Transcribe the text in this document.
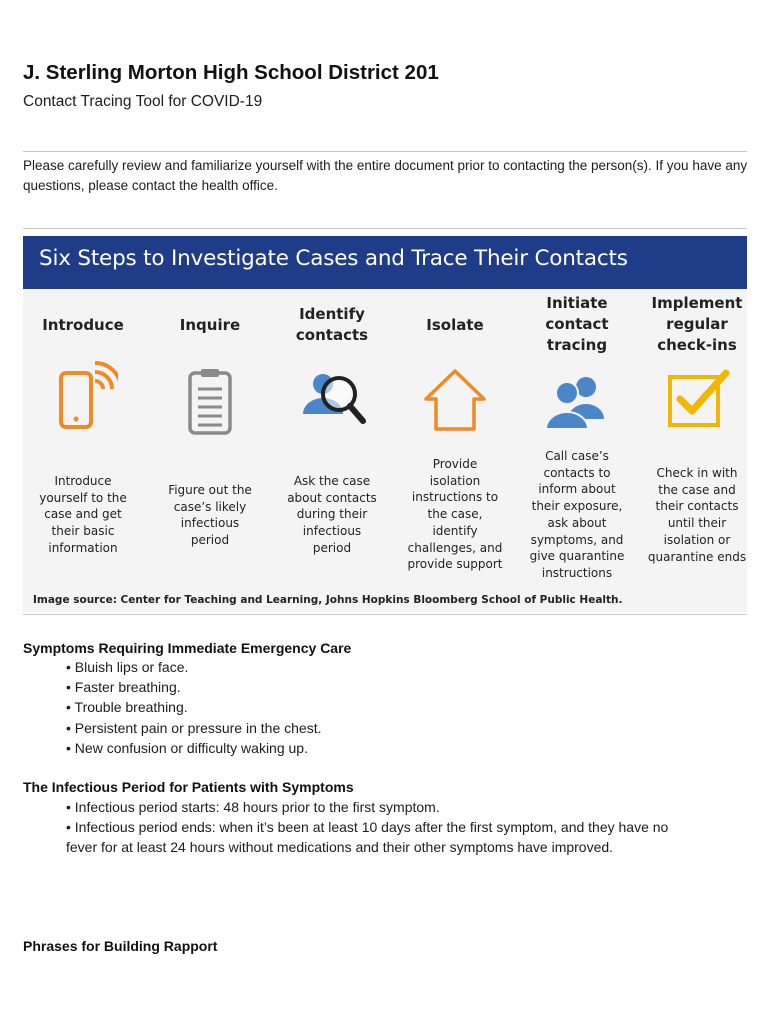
J. Sterling Morton High School District 201
Contact Tracing Tool for COVID-19
Please carefully review and familiarize yourself with the entire document prior to contacting the person(s). If you have any questions, please contact the health office.
Six Steps to Investigate Cases and Trace Their Contacts
Introduce
Introduce
yourself to the
case and get
their basic
information
Inquire
Figure out the
case’s likely
infectious
period
Identify
contacts
Ask the case
about contacts
during their
infectious
period
Isolate
Provide
isolation
instructions to
the case,
identify
challenges, and
provide support
Initiate
contact
tracing
Call case’s
contacts to
inform about
their exposure,
ask about
symptoms, and
give quarantine
instructions
Implement
regular
check-ins
Check in with
the case and
their contacts
until their
isolation or
quarantine ends
Image source: Center for Teaching and Learning, Johns Hopkins Bloomberg School of Public Health.
Symptoms Requiring Immediate Emergency Care
• Bluish lips or face.
• Faster breathing.
• Trouble breathing.
• Persistent pain or pressure in the chest.
• New confusion or difficulty waking up.
The Infectious Period for Patients with Symptoms
• Infectious period starts: 48 hours prior to the first symptom.
• Infectious period ends: when it’s been at least 10 days after the first symptom, and they have no
fever for at least 24 hours without medications and their other symptoms have improved.
Phrases for Building Rapport
